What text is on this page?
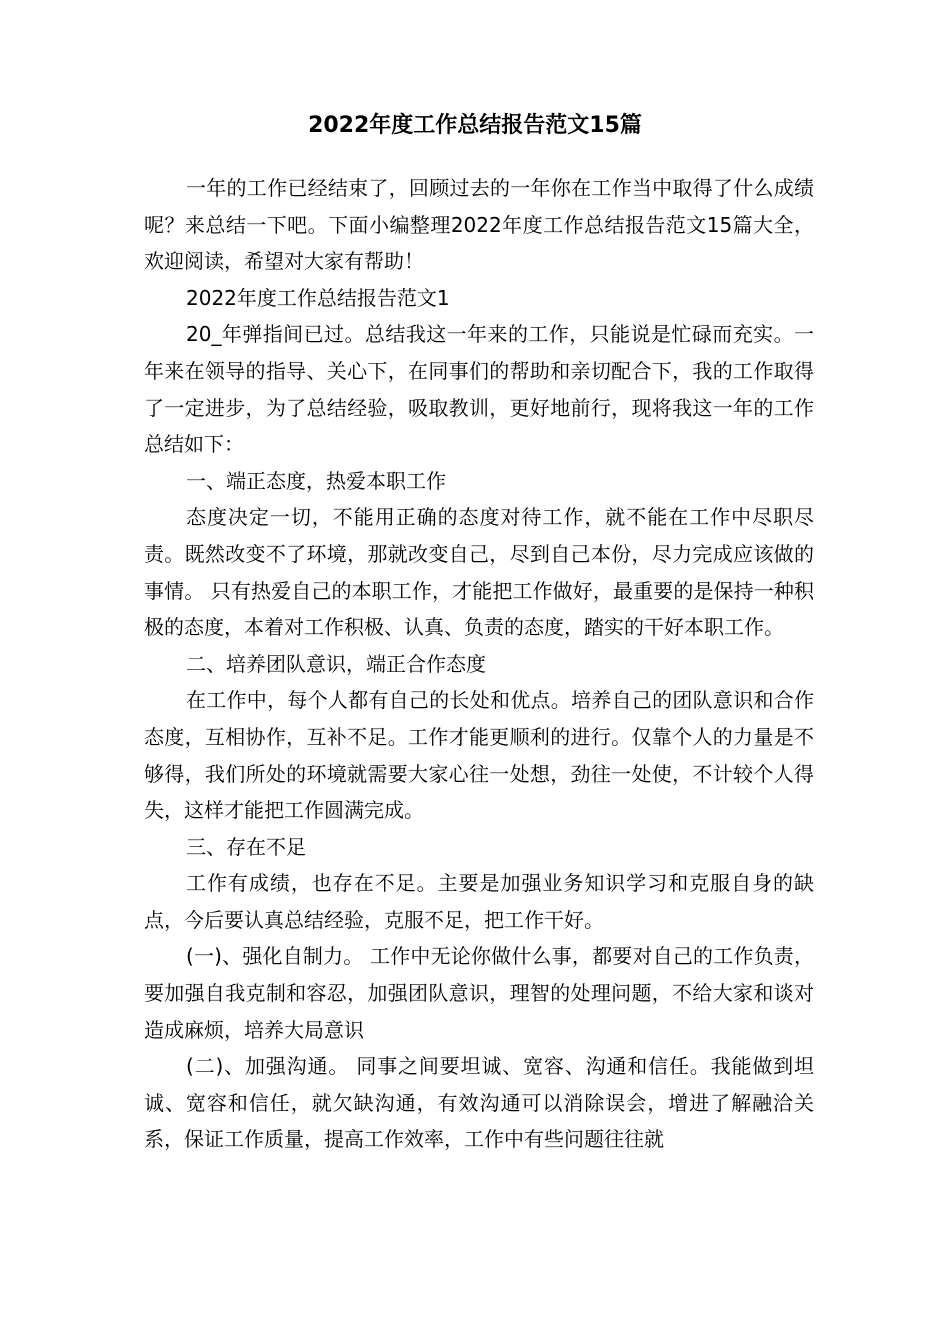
2022年度工作总结报告范文15篇

一年的工作已经结束了，回顾过去的一年你在工作当中取得了什么成绩呢？来总结一下吧。下面小编整理2022年度工作总结报告范文15篇大全，欢迎阅读，希望对大家有帮助！

2022年度工作总结报告范文1

20_年弹指间已过。总结我这一年来的工作，只能说是忙碌而充实。一年来在领导的指导、关心下，在同事们的帮助和亲切配合下，我的工作取得了一定进步，为了总结经验，吸取教训，更好地前行，现将我这一年的工作总结如下：

一、端正态度，热爱本职工作

态度决定一切，不能用正确的态度对待工作，就不能在工作中尽职尽责。既然改变不了环境，那就改变自己，尽到自己本份，尽力完成应该做的事情。 只有热爱自己的本职工作，才能把工作做好，最重要的是保持一种积极的态度，本着对工作积极、认真、负责的态度，踏实的干好本职工作。

二、培养团队意识，端正合作态度

在工作中，每个人都有自己的长处和优点。培养自己的团队意识和合作态度，互相协作，互补不足。工作才能更顺利的进行。仅靠个人的力量是不够得，我们所处的环境就需要大家心往一处想，劲往一处使，不计较个人得失，这样才能把工作圆满完成。

三、存在不足

工作有成绩，也存在不足。主要是加强业务知识学习和克服自身的缺点，今后要认真总结经验，克服不足，把工作干好。

(一)、强化自制力。 工作中无论你做什么事，都要对自己的工作负责，要加强自我克制和容忍，加强团队意识，理智的处理问题，不给大家和谈对造成麻烦，培养大局意识

(二)、加强沟通。 同事之间要坦诚、宽容、沟通和信任。我能做到坦诚、宽容和信任，就欠缺沟通，有效沟通可以消除误会，增进了解融洽关系，保证工作质量，提高工作效率，工作中有些问题往往就
